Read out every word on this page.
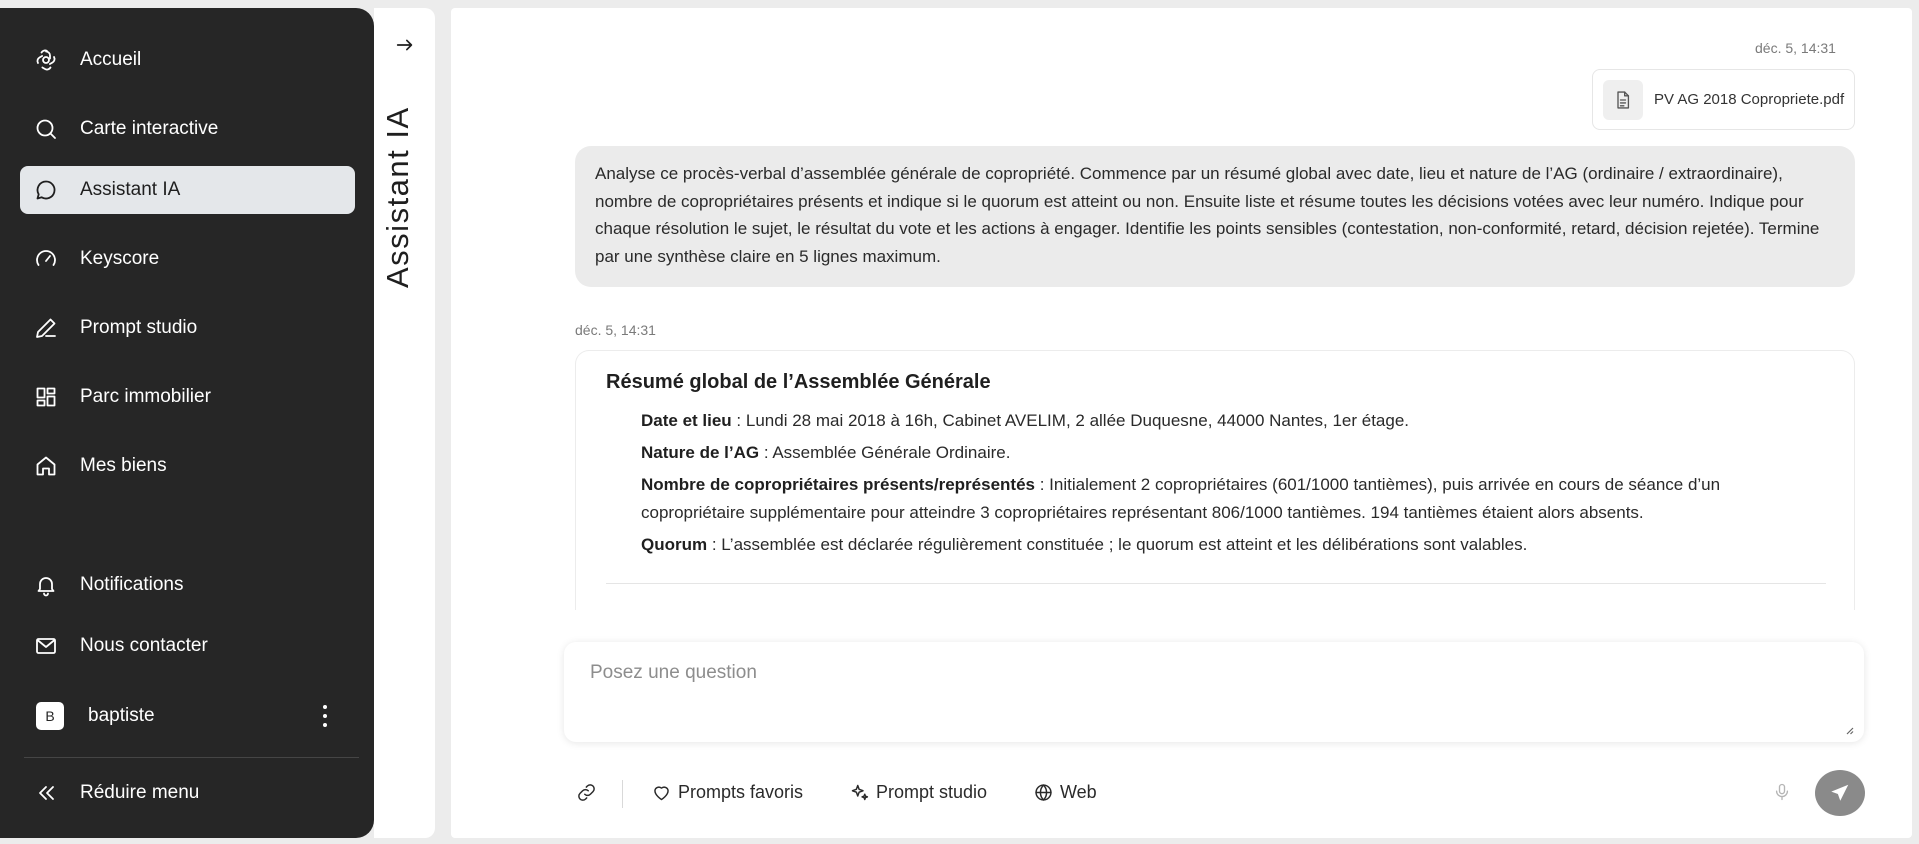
Accueil
Carte interactive
Assistant IA
Keyscore
Prompt studio
Parc immobilier
Mes biens
Notifications
Nous contacter
B	baptiste
Réduire menu
Assistant IA
déc. 5, 14:31
PV AG 2018 Copropriete.pdf
Analyse ce procès-verbal d’assemblée générale de copropriété. Commence par un résumé global avec date, lieu et nature de l’AG (ordinaire / extraordinaire), nombre de copropriétaires présents et indique si le quorum est atteint ou non. Ensuite liste et résume toutes les décisions votées avec leur numéro. Indique pour chaque résolution le sujet, le résultat du vote et les actions à engager. Identifie les points sensibles (contestation, non-conformité, retard, décision rejetée). Termine par une synthèse claire en 5 lignes maximum.
déc. 5, 14:31
Résumé global de l’Assemblée Générale
Date et lieu : Lundi 28 mai 2018 à 16h, Cabinet AVELIM, 2 allée Duquesne, 44000 Nantes, 1er étage.
Nature de l’AG : Assemblée Générale Ordinaire.
Nombre de copropriétaires présents/représentés : Initialement 2 copropriétaires (601/1000 tantièmes), puis arrivée en cours de séance d’un copropriétaire supplémentaire pour atteindre 3 copropriétaires représentant 806/1000 tantièmes. 194 tantièmes étaient alors absents.
Quorum : L’assemblée est déclarée régulièrement constituée ; le quorum est atteint et les délibérations sont valables.
Posez une question
Prompts favoris	Prompt studio	Web
